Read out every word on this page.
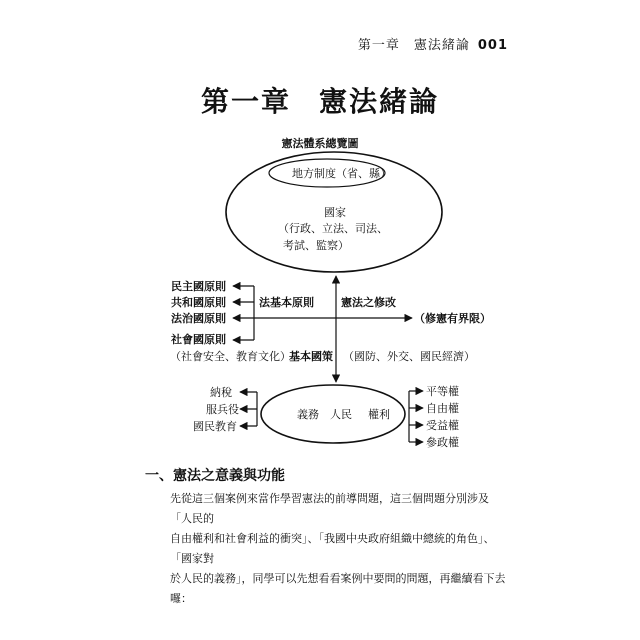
第一章　憲法緒論 001
第一章 憲法緒論
憲法體系總覽圖
地方制度（省、縣）
國家
（行政、立法、司法、
考試、監察）
民主國原則
共和國原則
法治國原則
社會國原則
法基本原則 憲法之修改
（修憲有界限）
（社會安全、教育文化）
基本國策 （國防、外交、國民經濟）
納稅
服兵役
國民教育
義務 人民 權利
平等權
自由權
受益權
參政權
一、憲法之意義與功能

先從這三個案例來當作學習憲法的前導問題，這三個問題分別涉及「人民的

自由權利和社會利益的衝突」、「我國中央政府組織中總統的角色」、「國家對

於人民的義務」，同學可以先想看看案例中要問的問題，再繼續看下去囉：
